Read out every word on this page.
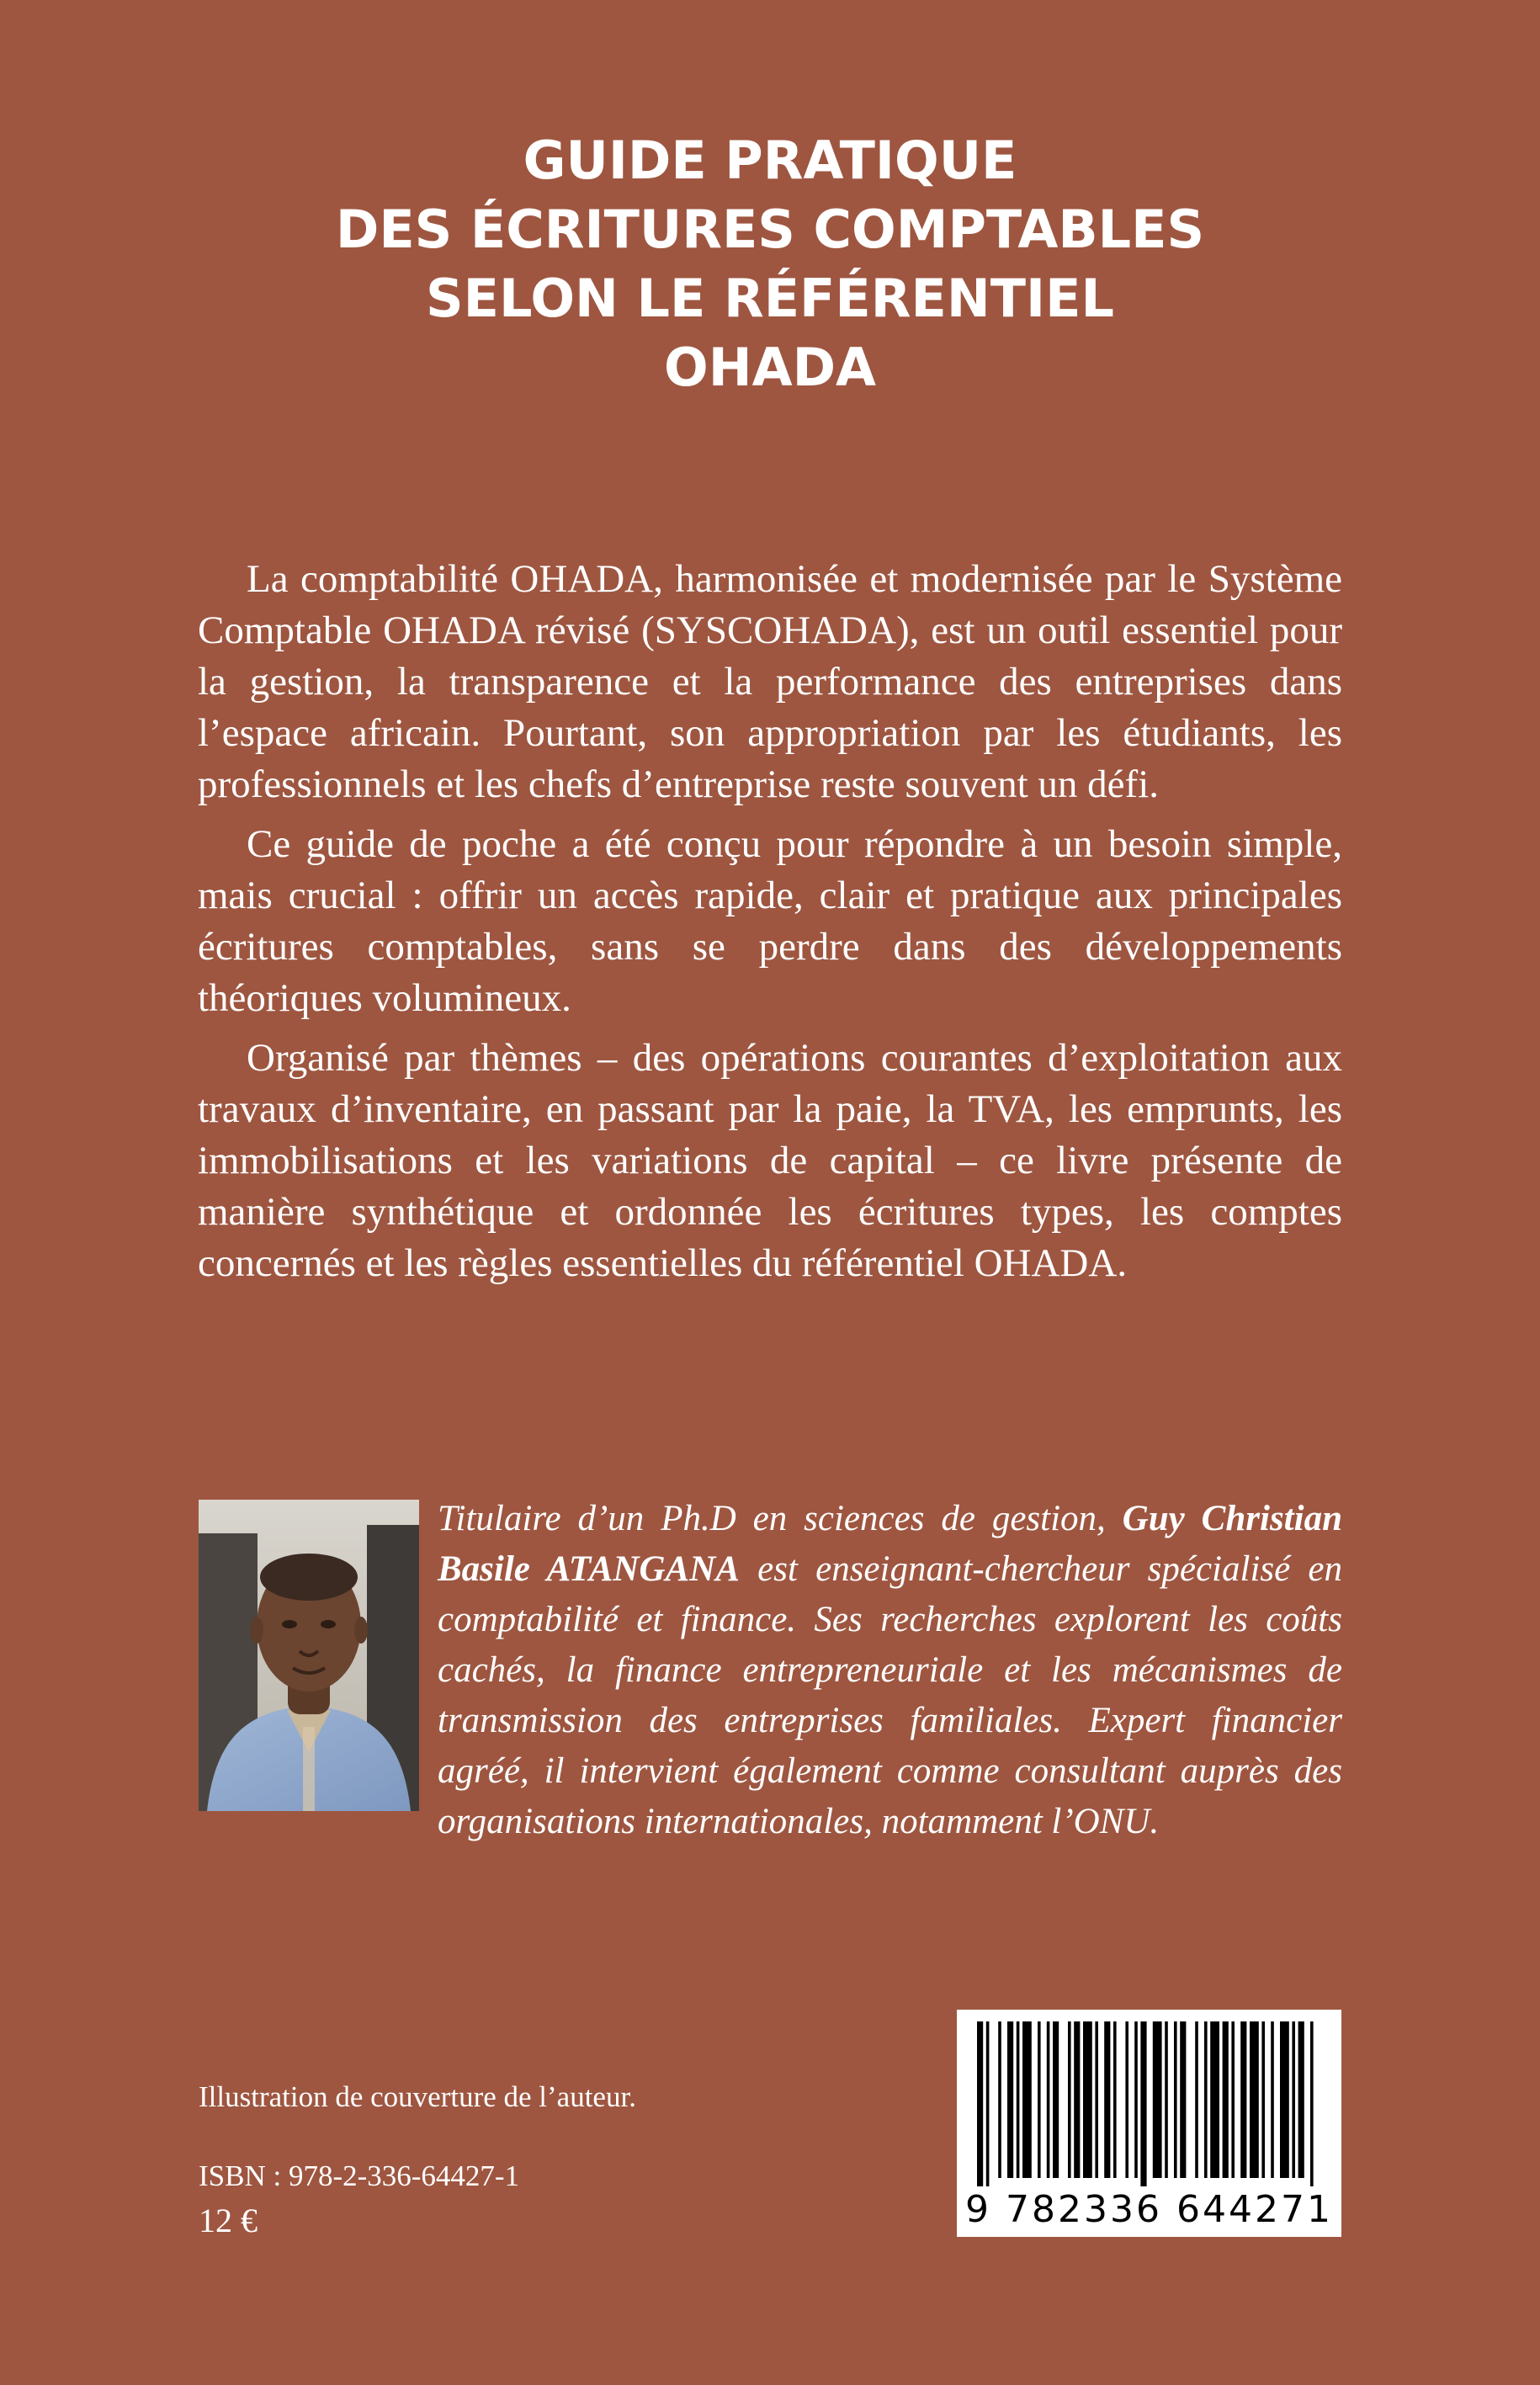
GUIDE PRATIQUE
DES ÉCRITURES COMPTABLES
SELON LE RÉFÉRENTIEL
OHADA

La comptabilité OHADA, harmonisée et modernisée par le Système Comptable OHADA révisé (SYSCOHADA), est un outil essentiel pour la gestion, la transparence et la performance des entreprises dans l’espace africain. Pourtant, son appropriation par les étudiants, les professionnels et les chefs d’entreprise reste souvent un défi.

Ce guide de poche a été conçu pour répondre à un besoin simple, mais crucial : offrir un accès rapide, clair et pratique aux principales écritures comptables, sans se perdre dans des développements théoriques volumineux.

Organisé par thèmes – des opérations courantes d’exploitation aux travaux d’inventaire, en passant par la paie, la TVA, les emprunts, les immobilisations et les variations de capital – ce livre présente de manière synthétique et ordonnée les écritures types, les comptes concernés et les règles essentielles du référentiel OHADA.

Titulaire d’un Ph.D en sciences de gestion, Guy Christian Basile ATANGANA est enseignant-chercheur spécialisé en comptabilité et finance. Ses recherches explorent les coûts cachés, la finance entrepreneuriale et les mécanismes de transmission des entreprises familiales. Expert financier agréé, il intervient également comme consultant auprès des organisations internationales, notamment l’ONU.
Illustration de couverture de l’auteur.
ISBN : 978-2-336-64427-1
12 €	9 782336 644271
